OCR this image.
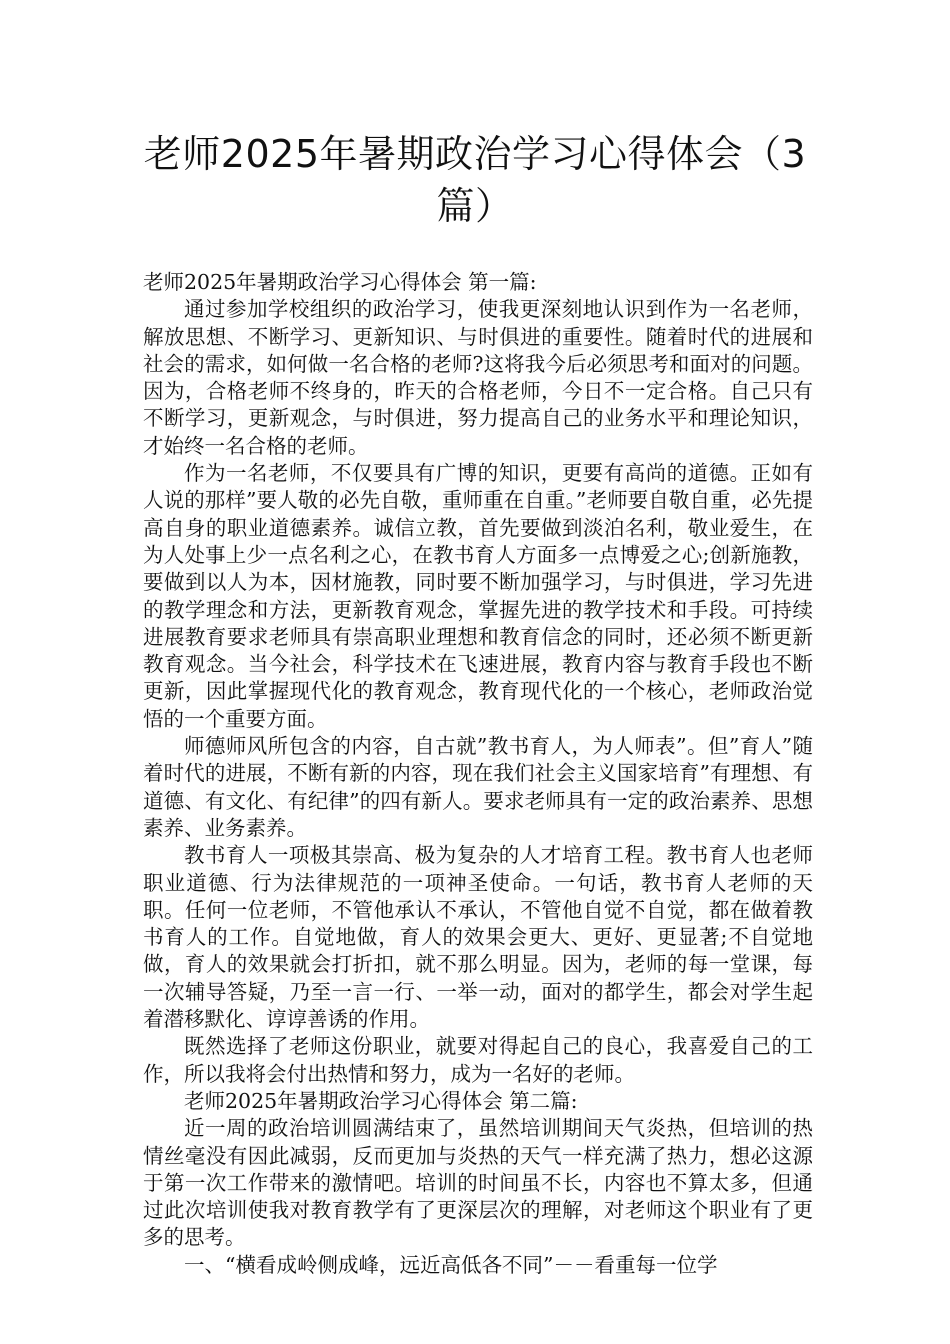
老师2025年暑期政治学习心得体会（3篇）

老师2025年暑期政治学习心得体会 第一篇:

通过参加学校组织的政治学习，使我更深刻地认识到作为一名老师，解放思想、不断学习、更新知识、与时俱进的重要性。随着时代的进展和社会的需求，如何做一名合格的老师?这将我今后必须思考和面对的问题。因为，合格老师不终身的，昨天的合格老师，今日不一定合格。自己只有不断学习，更新观念，与时俱进，努力提高自己的业务水平和理论知识，才始终一名合格的老师。

作为一名老师，不仅要具有广博的知识，更要有高尚的道德。正如有人说的那样”要人敬的必先自敬，重师重在自重。”老师要自敬自重，必先提高自身的职业道德素养。诚信立教，首先要做到淡泊名利，敬业爱生，在为人处事上少一点名利之心，在教书育人方面多一点博爱之心;创新施教，要做到以人为本，因材施教，同时要不断加强学习，与时俱进，学习先进的教学理念和方法，更新教育观念，掌握先进的教学技术和手段。可持续进展教育要求老师具有崇高职业理想和教育信念的同时，还必须不断更新教育观念。当今社会，科学技术在飞速进展，教育内容与教育手段也不断更新，因此掌握现代化的教育观念，教育现代化的一个核心，老师政治觉悟的一个重要方面。

师德师风所包含的内容，自古就”教书育人，为人师表”。但”育人”随着时代的进展，不断有新的内容，现在我们社会主义国家培育”有理想、有道德、有文化、有纪律”的四有新人。要求老师具有一定的政治素养、思想素养、业务素养。

教书育人一项极其崇高、极为复杂的人才培育工程。教书育人也老师职业道德、行为法律规范的一项神圣使命。一句话，教书育人老师的天职。任何一位老师，不管他承认不承认，不管他自觉不自觉，都在做着教书育人的工作。自觉地做，育人的效果会更大、更好、更显著;不自觉地做，育人的效果就会打折扣，就不那么明显。因为，老师的每一堂课，每一次辅导答疑，乃至一言一行、一举一动，面对的都学生，都会对学生起着潜移默化、谆谆善诱的作用。

既然选择了老师这份职业，就要对得起自己的良心，我喜爱自己的工作，所以我将会付出热情和努力，成为一名好的老师。

老师2025年暑期政治学习心得体会 第二篇:

近一周的政治培训圆满结束了，虽然培训期间天气炎热，但培训的热情丝毫没有因此减弱，反而更加与炎热的天气一样充满了热力，想必这源于第一次工作带来的激情吧。培训的时间虽不长，内容也不算太多，但通过此次培训使我对教育教学有了更深层次的理解，对老师这个职业有了更多的思考。

一、“横看成岭侧成峰，远近高低各不同”－－看重每一位学
